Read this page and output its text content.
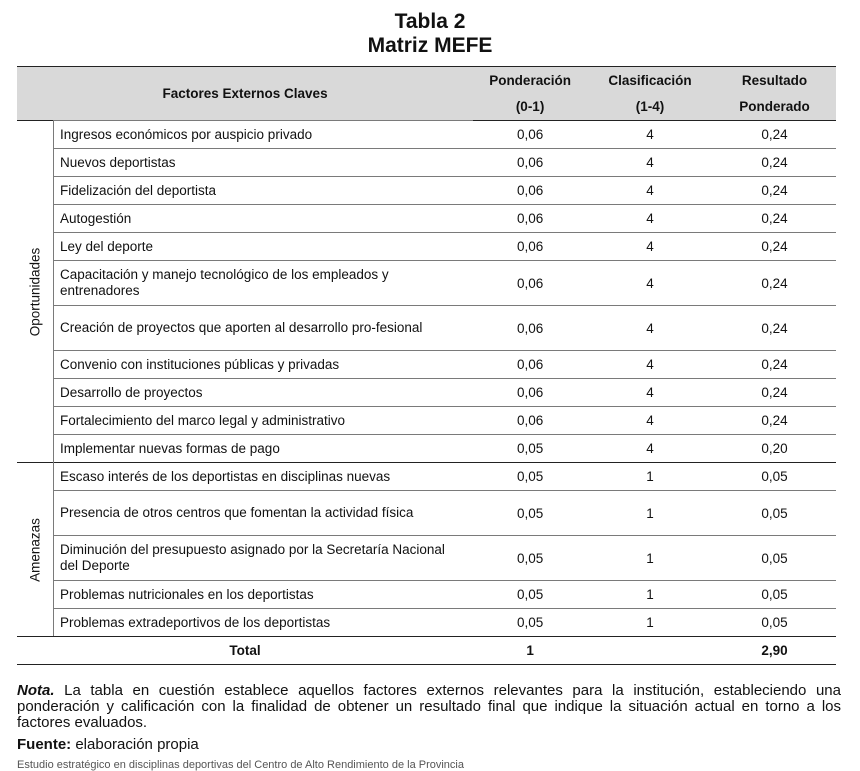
Tabla 2
Matriz MEFE
Factores Externos Claves		Ponderación	Clasificación	Resultado
		(0-1)	(1-4)	Ponderado

Oportunidades	Ingresos económicos por auspicio privado	0,06	4	0,24
	Nuevos deportistas	0,06	4	0,24
	Fidelización del deportista	0,06	4	0,24
	Autogestión	0,06	4	0,24
	Ley del deporte	0,06	4	0,24
	Capacitación y manejo tecnológico de los empleados y entrenadores	0,06	4	0,24
	Creación de proyectos que aporten al desarrollo pro-fesional	0,06	4	0,24
	Convenio con instituciones públicas y privadas	0,06	4	0,24
	Desarrollo de proyectos	0,06	4	0,24
	Fortalecimiento del marco legal y administrativo	0,06	4	0,24
	Implementar nuevas formas de pago	0,05	4	0,20

Amenazas	Escaso interés de los deportistas en disciplinas nuevas	0,05	1	0,05
	Presencia de otros centros que fomentan la actividad física	0,05	1	0,05
	Diminución del presupuesto asignado por la Secretaría Nacional del Deporte	0,05	1	0,05
	Problemas nutricionales en los deportistas	0,05	1	0,05
	Problemas extradeportivos de los deportistas	0,05	1	0,05
Total		1		2,90

Nota. La tabla en cuestión establece aquellos factores externos relevantes para la institución, estableciendo una ponderación y calificación con la finalidad de obtener un resultado final que indique la situación actual en torno a los factores evaluados.

Fuente: elaboración propia
Estudio estratégico en disciplinas deportivas del Centro de Alto Rendimiento de la Provincia
